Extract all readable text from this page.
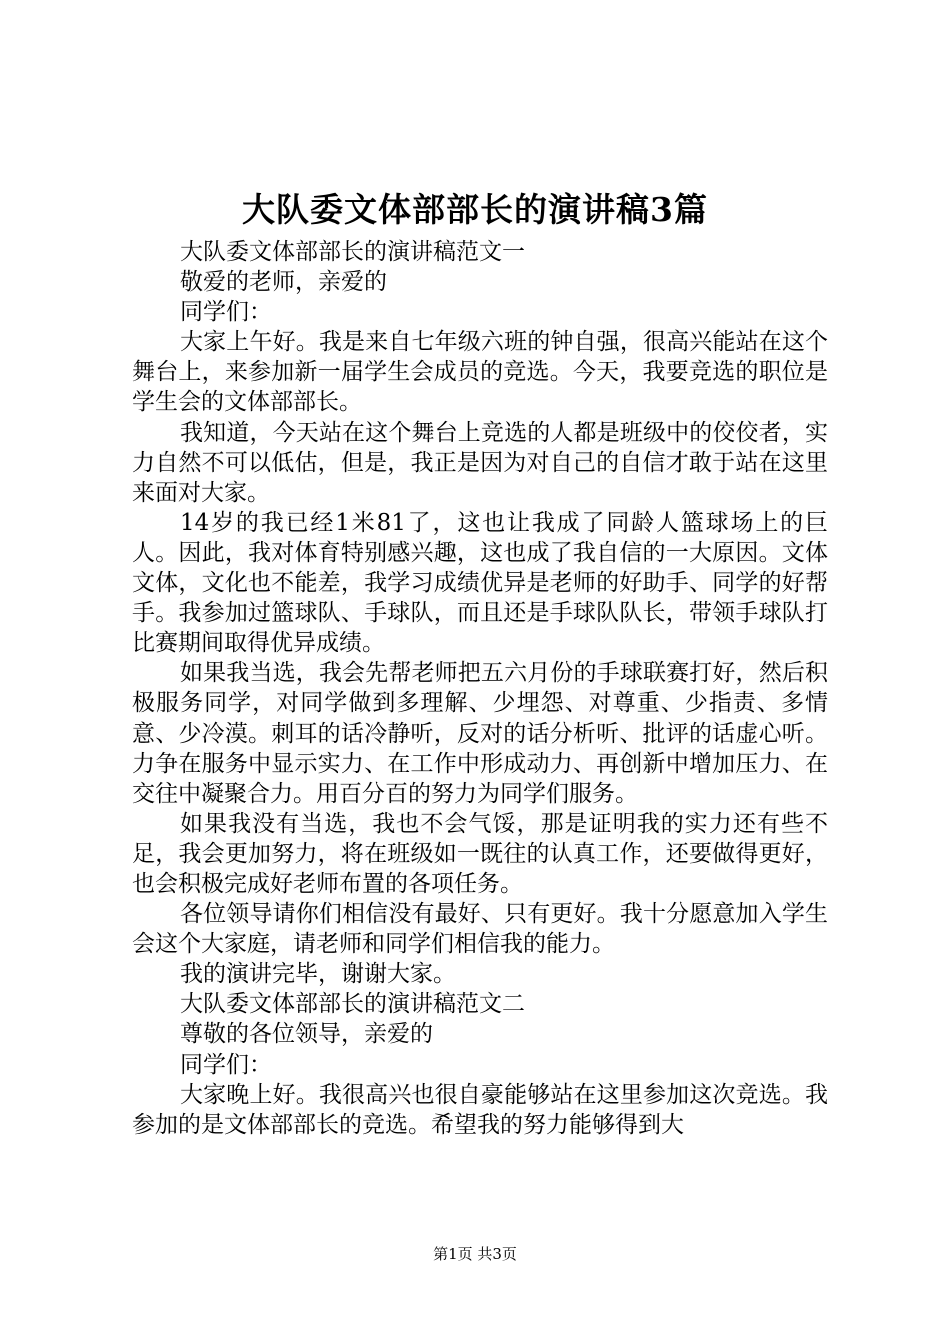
大队委文体部部长的演讲稿3篇

大队委文体部部长的演讲稿范文一

敬爱的老师，亲爱的

同学们：

大家上午好。我是来自七年级六班的钟自强，很高兴能站在这个舞台上，来参加新一届学生会成员的竞选。今天，我要竞选的职位是学生会的文体部部长。

我知道，今天站在这个舞台上竞选的人都是班级中的佼佼者，实力自然不可以低估，但是，我正是因为对自己的自信才敢于站在这里来面对大家。

14岁的我已经1米81了，这也让我成了同龄人篮球场上的巨人。因此，我对体育特别感兴趣，这也成了我自信的一大原因。文体文体，文化也不能差，我学习成绩优异是老师的好助手、同学的好帮手。我参加过篮球队、手球队，而且还是手球队队长，带领手球队打比赛期间取得优异成绩。

如果我当选，我会先帮老师把五六月份的手球联赛打好，然后积极服务同学，对同学做到多理解、少埋怨、对尊重、少指责、多情意、少冷漠。刺耳的话冷静听，反对的话分析听、批评的话虚心听。力争在服务中显示实力、在工作中形成动力、再创新中增加压力、在交往中凝聚合力。用百分百的努力为同学们服务。

如果我没有当选，我也不会气馁，那是证明我的实力还有些不足，我会更加努力，将在班级如一既往的认真工作，还要做得更好，也会积极完成好老师布置的各项任务。

各位领导请你们相信没有最好、只有更好。我十分愿意加入学生会这个大家庭，请老师和同学们相信我的能力。

我的演讲完毕，谢谢大家。

大队委文体部部长的演讲稿范文二

尊敬的各位领导，亲爱的

同学们：

大家晚上好。我很高兴也很自豪能够站在这里参加这次竞选。我参加的是文体部部长的竞选。希望我的努力能够得到大

第1页 共3页
